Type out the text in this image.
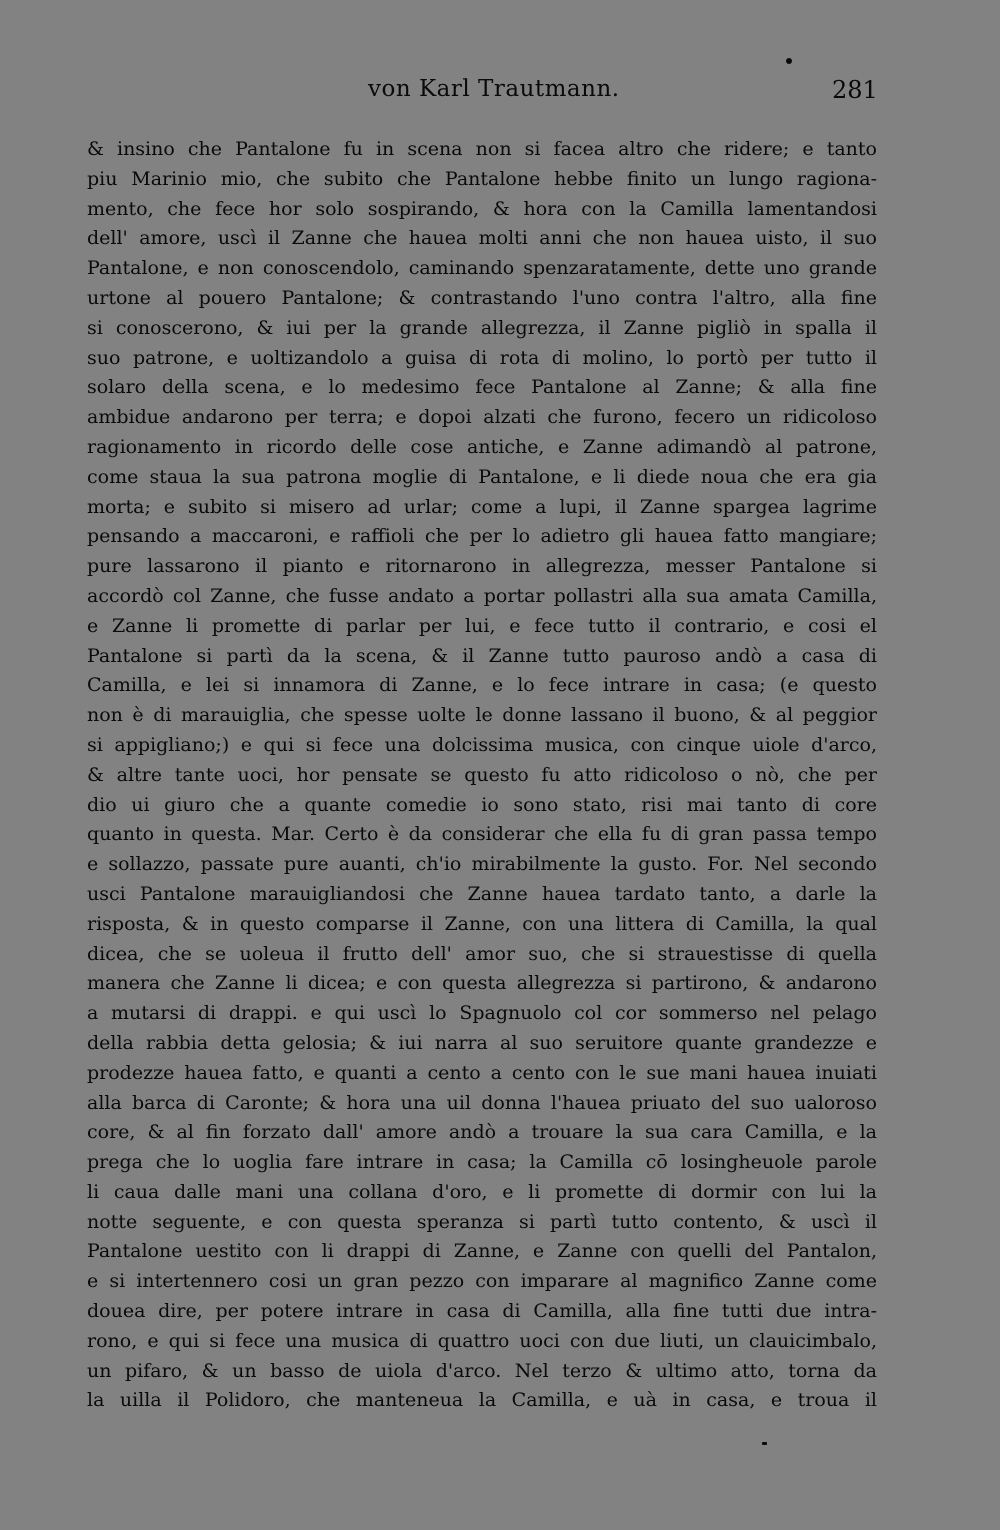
von Karl Trautmann.	281
& insino che Pantalone fu in scena non si facea altro che ridere; e tanto
piu Marinio mio, che subito che Pantalone hebbe finito un lungo ragiona-
mento, che fece hor solo sospirando, & hora con la Camilla lamentandosi
dell' amore, uscì il Zanne che hauea molti anni che non hauea uisto, il suo
Pantalone, e non conoscendolo, caminando spenzaratamente, dette uno grande
urtone al pouero Pantalone; & contrastando l'uno contra l'altro, alla fine
si conoscerono, & iui per la grande allegrezza, il Zanne pigliò in spalla il
suo patrone, e uoltizandolo a guisa di rota di molino, lo portò per tutto il
solaro della scena, e lo medesimo fece Pantalone al Zanne; & alla fine
ambidue andarono per terra; e dopoi alzati che furono, fecero un ridicoloso
ragionamento in ricordo delle cose antiche, e Zanne adimandò al patrone,
come staua la sua patrona moglie di Pantalone, e li diede noua che era gia
morta; e subito si misero ad urlar; come a lupi, il Zanne spargea lagrime
pensando a maccaroni, e raffioli che per lo adietro gli hauea fatto mangiare;
pure lassarono il pianto e ritornarono in allegrezza, messer Pantalone si
accordò col Zanne, che fusse andato a portar pollastri alla sua amata Camilla,
e Zanne li promette di parlar per lui, e fece tutto il contrario, e cosi el
Pantalone si partì da la scena, & il Zanne tutto pauroso andò a casa di
Camilla, e lei si innamora di Zanne, e lo fece intrare in casa; (e questo
non è di marauiglia, che spesse uolte le donne lassano il buono, & al peggior
si appigliano;) e qui si fece una dolcissima musica, con cinque uiole d'arco,
& altre tante uoci, hor pensate se questo fu atto ridicoloso o nò, che per
dio ui giuro che a quante comedie io sono stato, risi mai tanto di core
quanto in questa. Mar. Certo è da considerar che ella fu di gran passa tempo
e sollazzo, passate pure auanti, ch'io mirabilmente la gusto. For. Nel secondo
usci Pantalone marauigliandosi che Zanne hauea tardato tanto, a darle la
risposta, & in questo comparse il Zanne, con una littera di Camilla, la qual
dicea, che se uoleua il frutto dell' amor suo, che si strauestisse di quella
manera che Zanne li dicea; e con questa allegrezza si partirono, & andarono
a mutarsi di drappi. e qui uscì lo Spagnuolo col cor sommerso nel pelago
della rabbia detta gelosia; & iui narra al suo seruitore quante grandezze e
prodezze hauea fatto, e quanti a cento a cento con le sue mani hauea inuiati
alla barca di Caronte; & hora una uil donna l'hauea priuato del suo ualoroso
core, & al fin forzato dall' amore andò a trouare la sua cara Camilla, e la
prega che lo uoglia fare intrare in casa; la Camilla cō losingheuole parole
li caua dalle mani una collana d'oro, e li promette di dormir con lui la
notte seguente, e con questa speranza si partì tutto contento, & uscì il
Pantalone uestito con li drappi di Zanne, e Zanne con quelli del Pantalon,
e si intertennero cosi un gran pezzo con imparare al magnifico Zanne come
douea dire, per potere intrare in casa di Camilla, alla fine tutti due intra-
rono, e qui si fece una musica di quattro uoci con due liuti, un clauicimbalo,
un pifaro, & un basso de uiola d'arco. Nel terzo & ultimo atto, torna da
la uilla il Polidoro, che manteneua la Camilla, e uà in casa, e troua il
